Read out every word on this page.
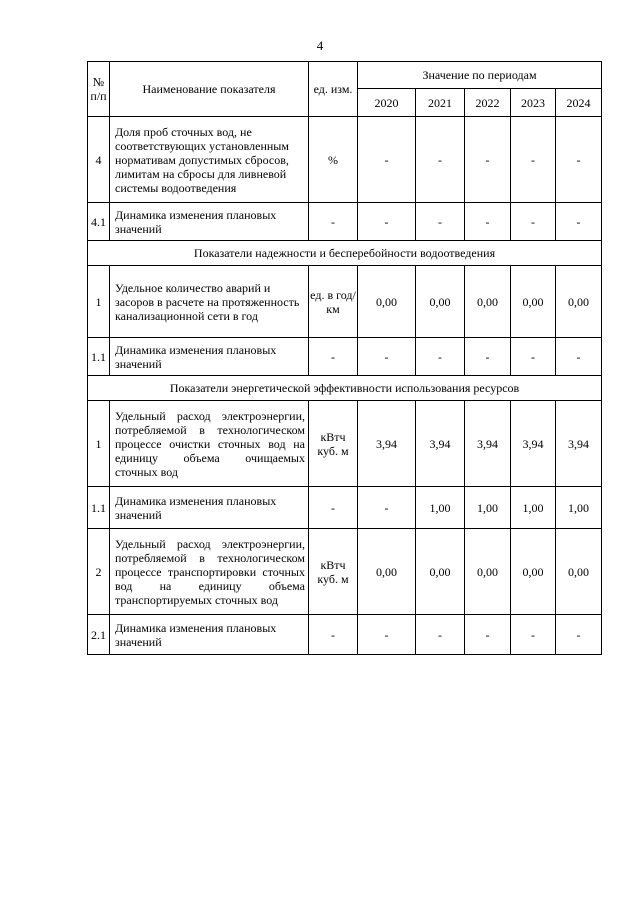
4
№ п/п	Наименование показателя	ед. изм.	Значение по периодам				
			2020	2021	2022	2023	2024
4	Доля проб сточных вод, не соответствующих установленным нормативам допустимых сбросов, лимитам на сбросы для ливневой системы водоотведения	%	-	-	-	-	-
4.1	Динамика изменения плановых значений	-	-	-	-	-	-
Показатели надежности и бесперебойности водоотведения							
1	Удельное количество аварий и засоров в расчете на протяженность канализационной сети в год	ед. в год/км	0,00	0,00	0,00	0,00	0,00
1.1	Динамика изменения плановых значений	-	-	-	-	-	-
Показатели энергетической эффективности использования ресурсов							
1	Удельный расход электроэнергии, потребляемой в технологическом процессе очистки сточных вод на единицу объема очищаемых сточных вод	кВтч куб. м	3,94	3,94	3,94	3,94	3,94
1.1	Динамика изменения плановых значений	-	-	1,00	1,00	1,00	1,00
2	Удельный расход электроэнергии, потребляемой в технологическом процессе транспортировки сточных вод на единицу объема транспортируемых сточных вод	кВтч куб. м	0,00	0,00	0,00	0,00	0,00
2.1	Динамика изменения плановых значений	-	-	-	-	-	-
